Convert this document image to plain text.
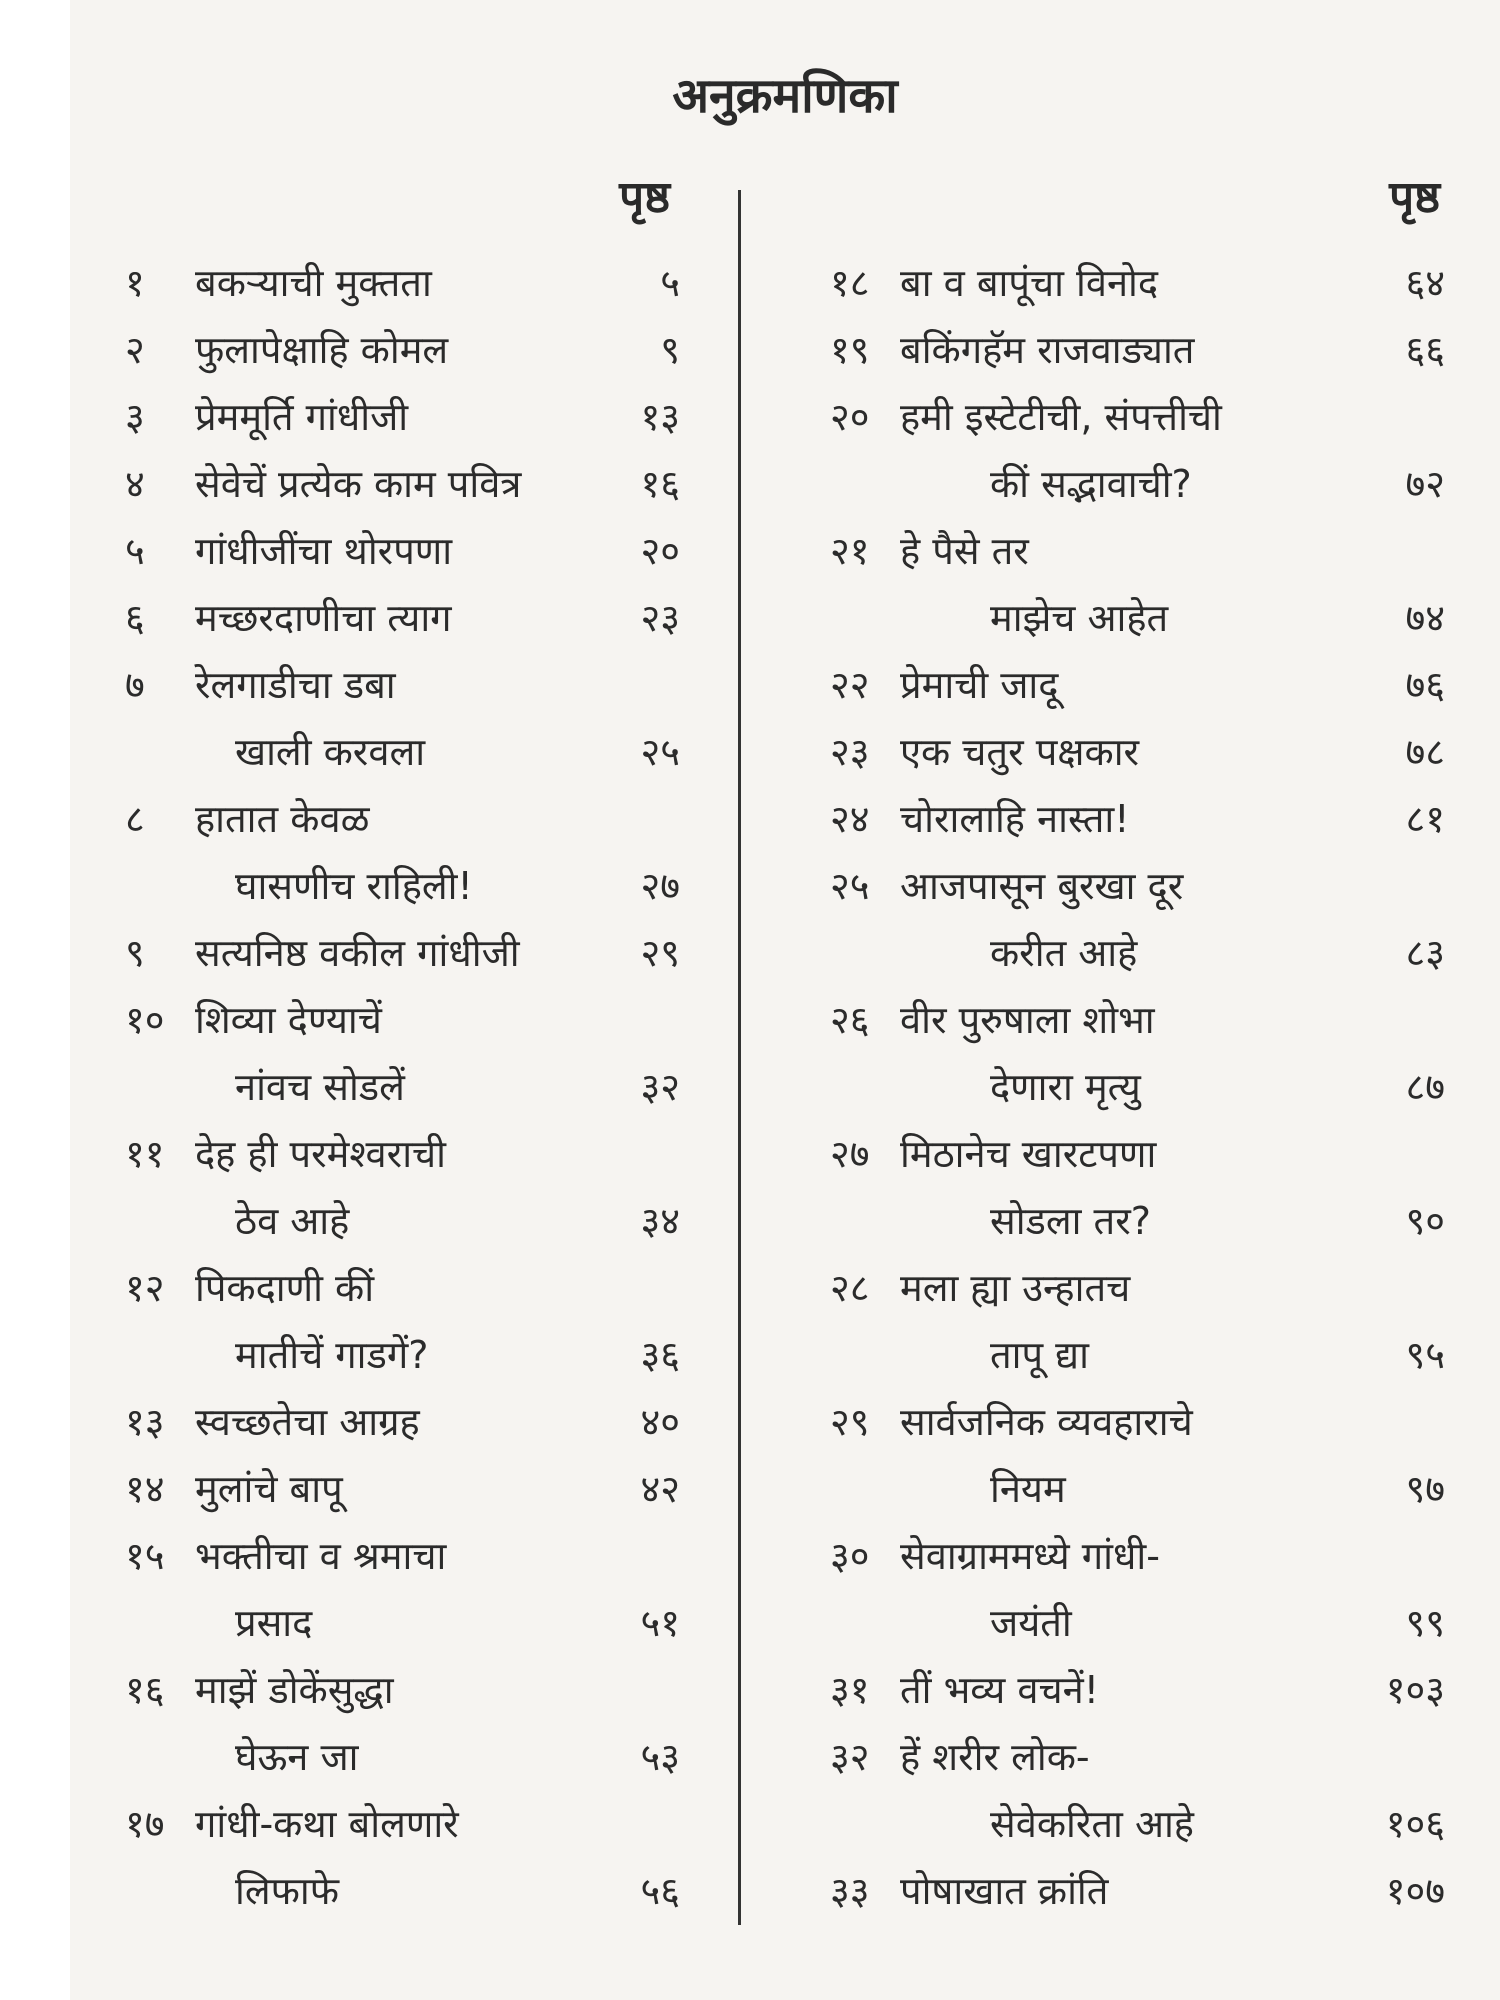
अनुक्रमणिका
पृष्ठ	पृष्ठ
१ बकऱ्याची मुक्तता	५
२ फुलापेक्षाहि कोमल	९
३ प्रेममूर्ति गांधीजी	१३
४ सेवेचें प्रत्येक काम पवित्र	१६
५ गांधीजींचा थोरपणा	२०
६ मच्छरदाणीचा त्याग	२३
७ रेलगाडीचा डबा
खाली करवला	२५
८ हातात केवळ
घासणीच राहिली!	२७
९ सत्यनिष्ठ वकील गांधीजी	२९
१० शिव्या देण्याचें
नांवच सोडलें	३२
११ देह ही परमेश्वराची
ठेव आहे	३४
१२ पिकदाणी कीं
मातीचें गाडगें?	३६
१३ स्वच्छतेचा आग्रह	४०
१४ मुलांचे बापू	४२
१५ भक्तीचा व श्रमाचा
प्रसाद	५१
१६ माझें डोकेंसुद्धा
घेऊन जा	५३
१७ गांधी-कथा बोलणारे
लिफाफे	५६
१८ बा व बापूंचा विनोद	६४
१९ बकिंगहॅम राजवाड्यात	६६
२० हमी इस्टेटीची, संपत्तीची
कीं सद्भावाची?	७२
२१ हे पैसे तर
माझेच आहेत	७४
२२ प्रेमाची जादू	७६
२३ एक चतुर पक्षकार	७८
२४ चोरालाहि नास्ता!	८१
२५ आजपासून बुरखा दूर
करीत आहे	८३
२६ वीर पुरुषाला शोभा
देणारा मृत्यु	८७
२७ मिठानेच खारटपणा
सोडला तर?	९०
२८ मला ह्या उन्हातच
तापू द्या	९५
२९ सार्वजनिक व्यवहाराचे
नियम	९७
३० सेवाग्राममध्ये गांधी-
जयंती	९९
३१ तीं भव्य वचनें!	१०३
३२ हें शरीर लोक-
सेवेकरिता आहे	१०६
३३ पोषाखात क्रांति	१०७
